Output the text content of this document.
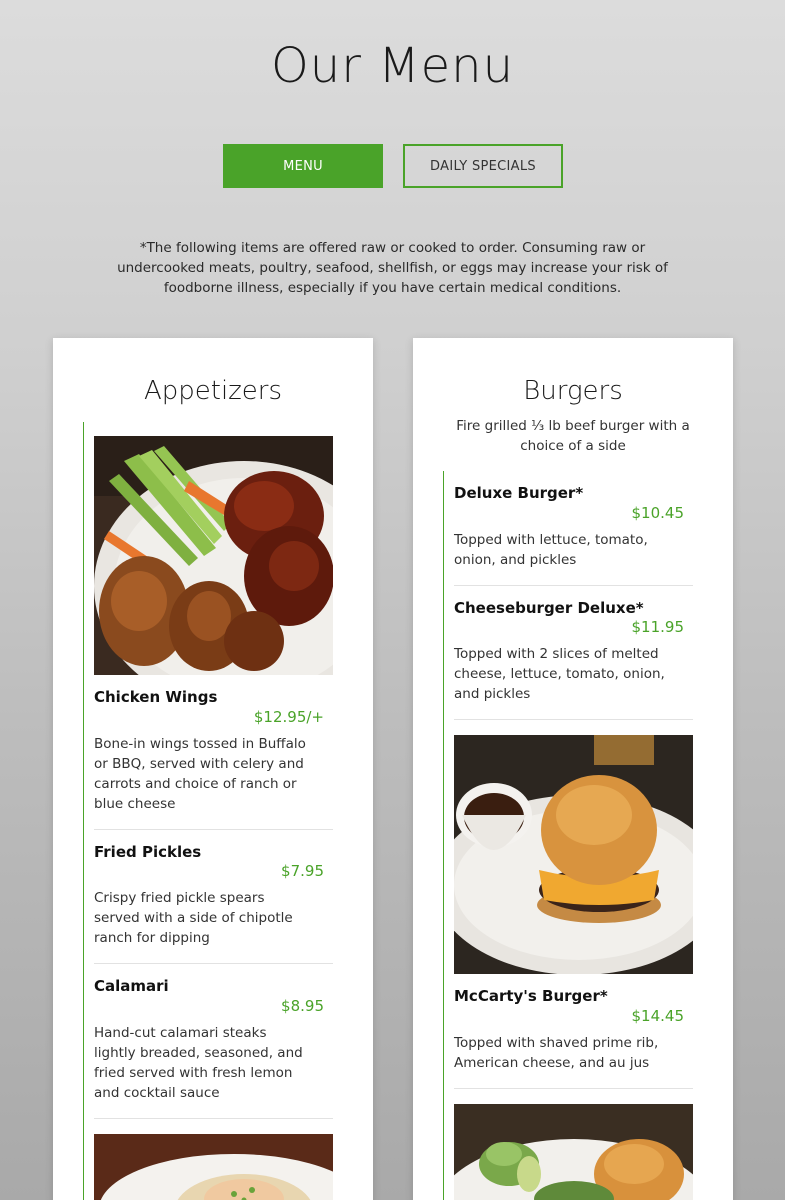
Our Menu
MENU	DAILY SPECIALS
*The following items are offered raw or cooked to order. Consuming raw or undercooked meats, poultry, seafood, shellfish, or eggs may increase your risk of foodborne illness, especially if you have certain medical conditions.
Appetizers
Chicken Wings
$12.95/+
Bone-in wings tossed in Buffalo or BBQ, served with celery and carrots and choice of ranch or blue cheese
Fried Pickles
$7.95
Crispy fried pickle spears served with a side of chipotle ranch for dipping
Calamari
$8.95
Hand-cut calamari steaks lightly breaded, seasoned, and fried served with fresh lemon and cocktail sauce
Burgers
Fire grilled ⅓ lb beef burger with a choice of a side
Deluxe Burger*
$10.45
Topped with lettuce, tomato, onion, and pickles
Cheeseburger Deluxe*
$11.95
Topped with 2 slices of melted cheese, lettuce, tomato, onion, and pickles
McCarty's Burger*
$14.45
Topped with shaved prime rib, American cheese, and au jus
